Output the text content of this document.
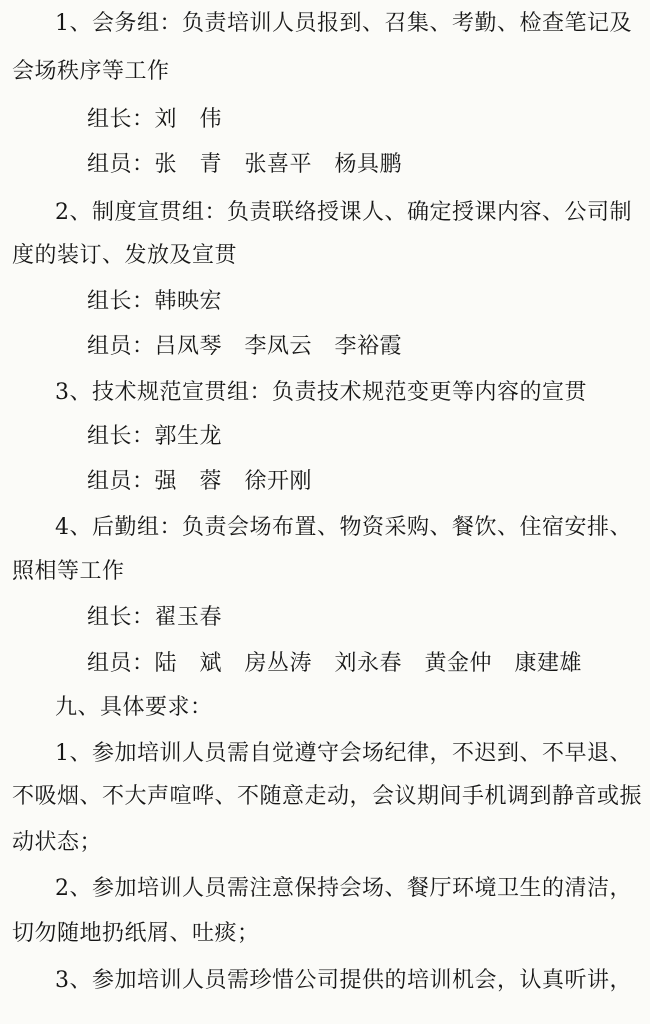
1、会务组：负责培训人员报到、召集、考勤、检查笔记及
会场秩序等工作
组长：刘　伟
组员：张　青　张喜平　杨具鹏
2、制度宣贯组：负责联络授课人、确定授课内容、公司制
度的装订、发放及宣贯
组长：韩映宏
组员：吕凤琴　李凤云　李裕霞
3、技术规范宣贯组：负责技术规范变更等内容的宣贯
组长：郭生龙
组员：强　蓉　徐开刚
4、后勤组：负责会场布置、物资采购、餐饮、住宿安排、
照相等工作
组长：翟玉春
组员：陆　斌　房丛涛　刘永春　黄金仲　康建雄
九、具体要求：
1、参加培训人员需自觉遵守会场纪律，不迟到、不早退、
不吸烟、不大声喧哗、不随意走动，会议期间手机调到静音或振
动状态；
2、参加培训人员需注意保持会场、餐厅环境卫生的清洁，
切勿随地扔纸屑、吐痰；
3、参加培训人员需珍惜公司提供的培训机会，认真听讲，
